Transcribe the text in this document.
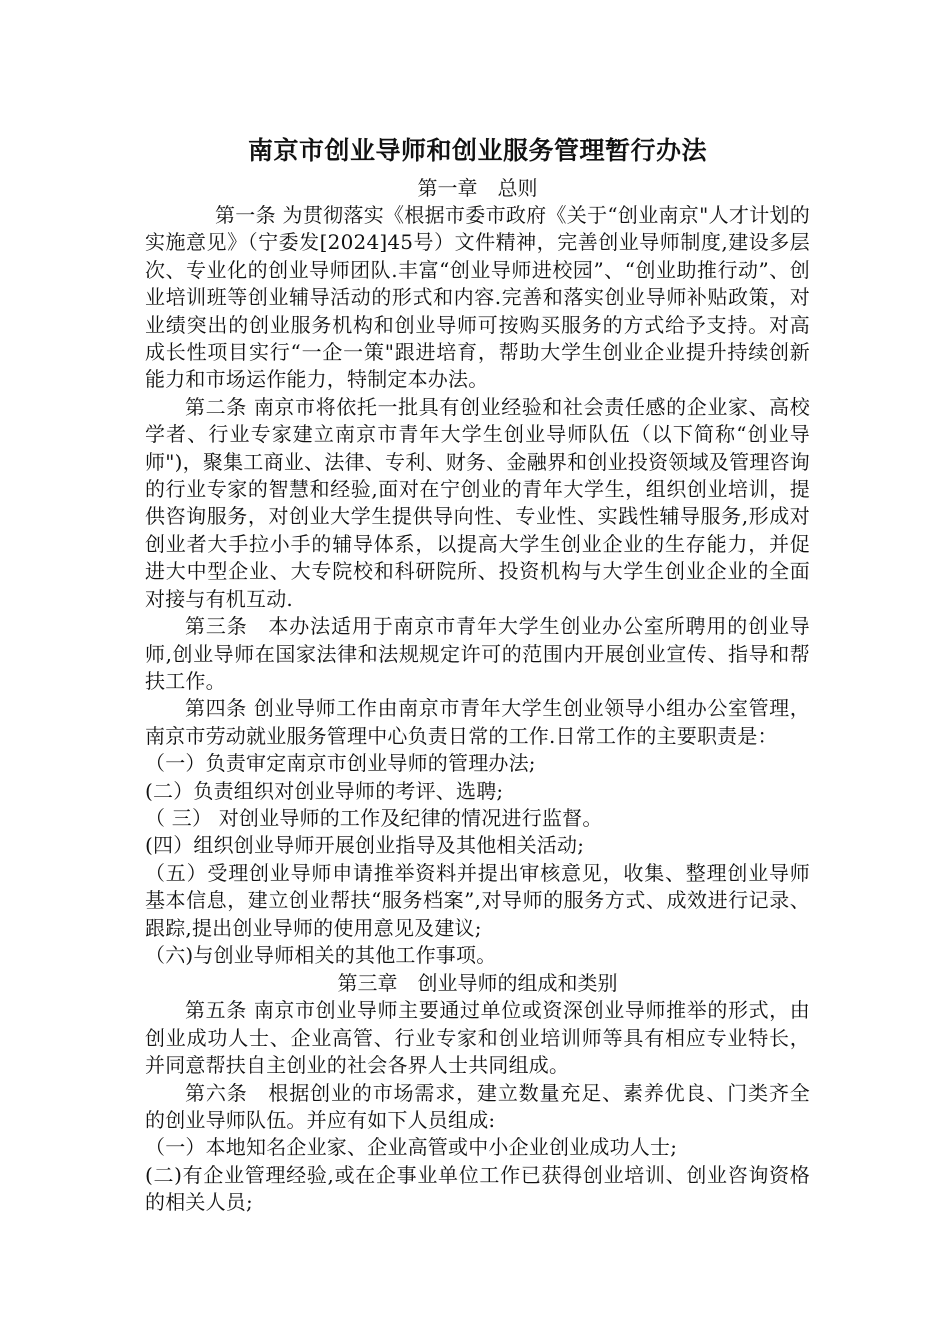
南京市创业导师和创业服务管理暂行办法

第一章　总则

第一条 为贯彻落实《根据市委市政府《关于“创业南京"人才计划的实施意见》（宁委发[2024]45号）文件精神，完善创业导师制度,建设多层次、专业化的创业导师团队.丰富“创业导师进校园”、“创业助推行动”、创业培训班等创业辅导活动的形式和内容.完善和落实创业导师补贴政策，对业绩突出的创业服务机构和创业导师可按购买服务的方式给予支持。对高成长性项目实行“一企一策"跟进培育，帮助大学生创业企业提升持续创新能力和市场运作能力，特制定本办法。

第二条 南京市将依托一批具有创业经验和社会责任感的企业家、高校学者、行业专家建立南京市青年大学生创业导师队伍（以下简称“创业导师")，聚集工商业、法律、专利、财务、金融界和创业投资领域及管理咨询的行业专家的智慧和经验,面对在宁创业的青年大学生，组织创业培训，提供咨询服务，对创业大学生提供导向性、专业性、实践性辅导服务,形成对创业者大手拉小手的辅导体系，以提高大学生创业企业的生存能力，并促进大中型企业、大专院校和科研院所、投资机构与大学生创业企业的全面对接与有机互动.

第三条　本办法适用于南京市青年大学生创业办公室所聘用的创业导师,创业导师在国家法律和法规规定许可的范围内开展创业宣传、指导和帮扶工作。

第四条 创业导师工作由南京市青年大学生创业领导小组办公室管理，南京市劳动就业服务管理中心负责日常的工作.日常工作的主要职责是：

（一）负责审定南京市创业导师的管理办法;

(二）负责组织对创业导师的考评、选聘;

（ 三） 对创业导师的工作及纪律的情况进行监督。

(四）组织创业导师开展创业指导及其他相关活动;

（五）受理创业导师申请推举资料并提出审核意见，收集、整理创业导师基本信息，建立创业帮扶“服务档案”,对导师的服务方式、成效进行记录、跟踪,提出创业导师的使用意见及建议;

（六)与创业导师相关的其他工作事项。

第三章　创业导师的组成和类别

第五条 南京市创业导师主要通过单位或资深创业导师推举的形式，由创业成功人士、企业高管、行业专家和创业培训师等具有相应专业特长，并同意帮扶自主创业的社会各界人士共同组成。

第六条　根据创业的市场需求，建立数量充足、素养优良、门类齐全的创业导师队伍。并应有如下人员组成:

（一）本地知名企业家、企业高管或中小企业创业成功人士;

(二)有企业管理经验,或在企事业单位工作已获得创业培训、创业咨询资格的相关人员;
